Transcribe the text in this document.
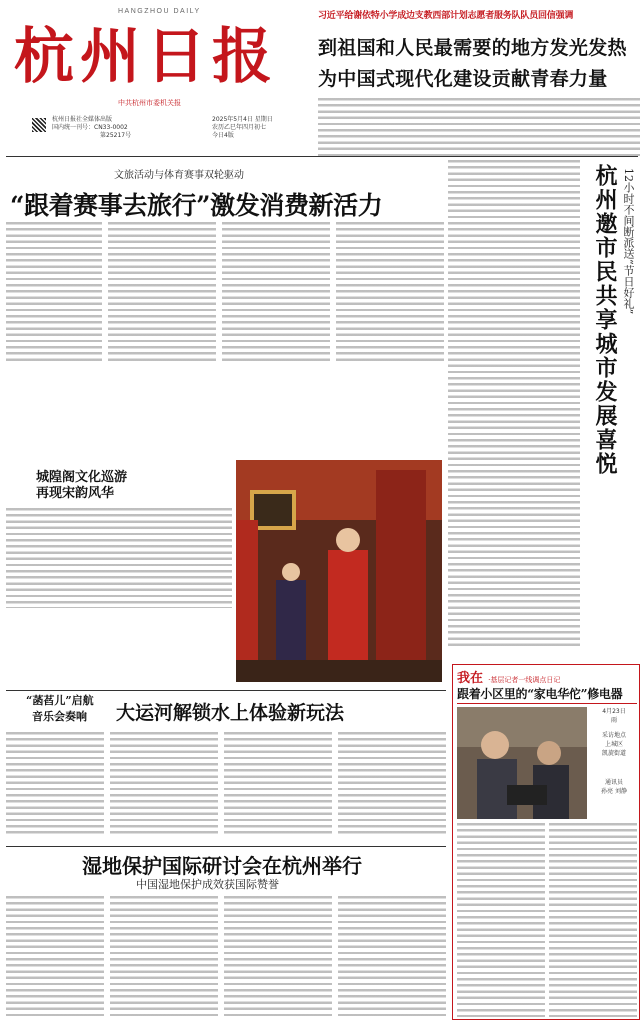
HANGZHOU DAILY
杭州日报
中共杭州市委机关报
杭州日报社全媒体出版
国内统一刊号：CN33-0002
第25217号
2025年5月4日 星期日
农历乙巳年四月初七
今日4版
习近平给谢依特小学成边支教西部计划志愿者服务队队员回信强调
到祖国和人民最需要的地方发光发热
为中国式现代化建设贡献青春力量
文旅活动与体育赛事双轮驱动
“跟着赛事去旅行”激发消费新活力	杭州邀市民共享城市发展喜悦 12小时不间断派送“节日好礼”
城隍阁文化巡游再现宋韵风华
“菡萏儿”启航
音乐会奏响 大运河解锁水上体验新玩法
湿地保护国际研讨会在杭州举行
中国湿地保护成效获国际赞誉
我在 ·基层记者一线调点日记
跟着小区里的“家电华佗”修电器
4月23日
雨
采访地点
上城区
凯旋街道
通讯员
孙亮 刘静
